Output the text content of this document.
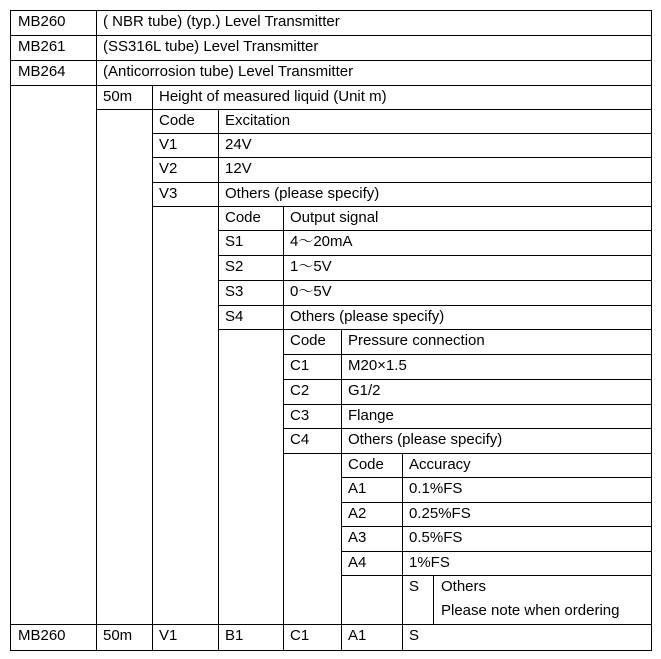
MB260 ( NBR tube) (typ.) Level Transmitter
MB261 (SS316L tube) Level Transmitter
MB264 (Anticorrosion tube) Level Transmitter
50m Height of measured liquid (Unit m)
Code Excitation
V1	24V
V2	12V
V3	Others (please specify)
Code Output signal
S1	4～20mA
S2	1～5V
S3	0～5V
S4	Others (please specify)
Code Pressure connection
C1	M20×1.5
C2	G1/2
C3	Flange
C4	Others (please specify)
Code Accuracy
A1	0.1%FS
A2	0.25%FS
A3	0.5%FS
A4	1%FS
S Others
Please note when ordering
MB260 50m V1	B1	C1	A1	S
